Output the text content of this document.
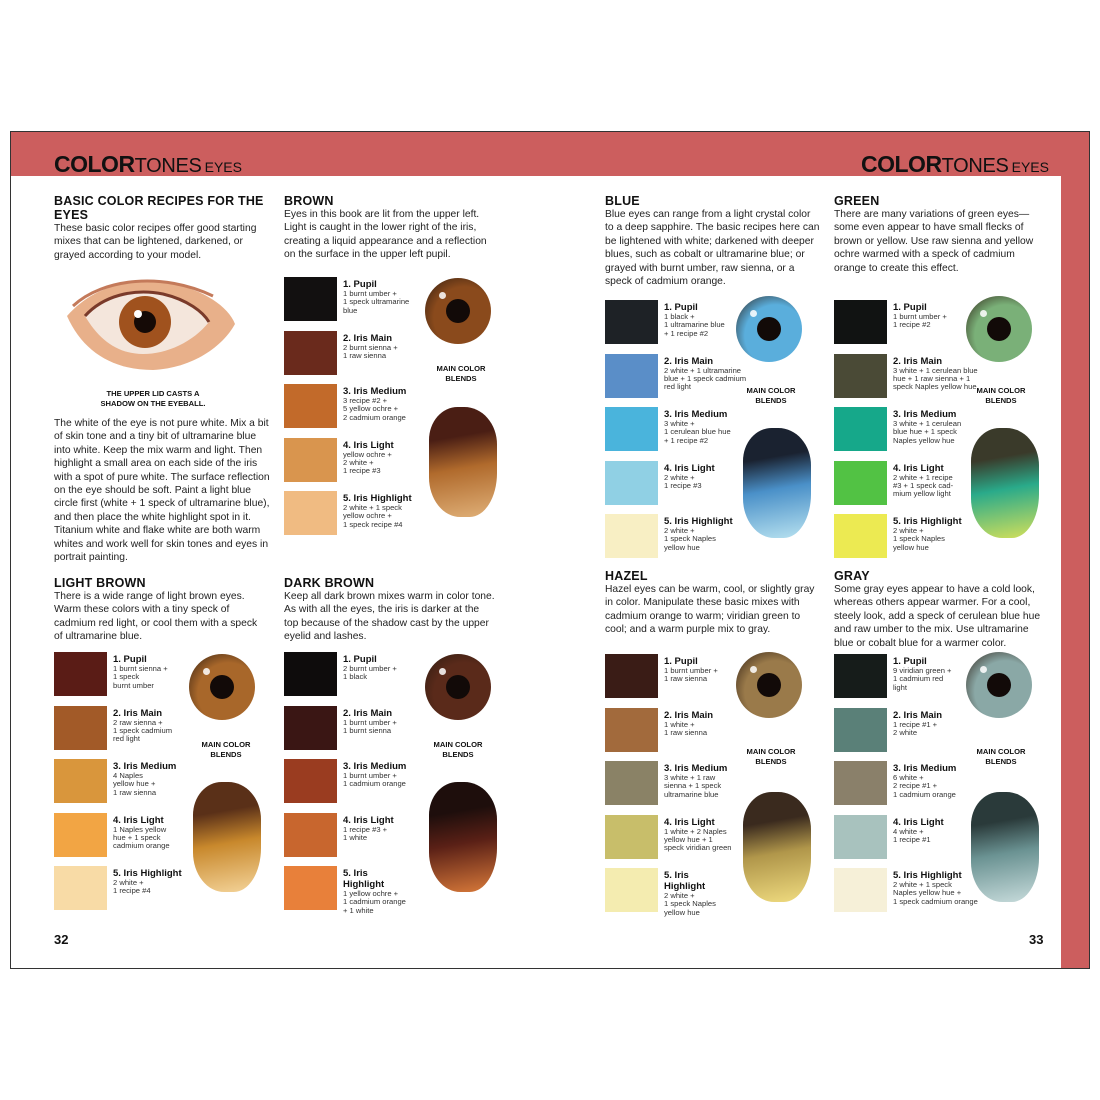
COLORTONES EYES	COLORTONES EYES
BASIC COLOR RECIPES FOR THE EYES

These basic color recipes offer good starting mixes that can be lightened, darkened, or grayed according to your model.

THE UPPER LID CASTS A SHADOW ON THE EYEBALL.

The white of the eye is not pure white. Mix a bit of skin tone and a tiny bit of ultramarine blue into white. Keep the mix warm and light. Then highlight a small area on each side of the iris with a spot of pure white. The surface reflection on the eye should be soft. Paint a light blue circle first (white + 1 speck of ultramarine blue), and then place the white highlight spot in it. Titanium white and flake white are both warm whites and work well for skin tones and eyes in portrait painting.

32	33
BROWN

Eyes in this book are lit from the upper left. Light is caught in the lower right of the iris, creating a liquid appearance and a reflection on the surface in the upper left pupil.

1. Pupil
1 burnt umber +
1 speck ultramarine
blue
2. Iris Main
2 burnt sienna +
1 raw sienna
3. Iris Medium
3 recipe #2 +
5 yellow ochre +
2 cadmium orange
4. Iris Light
yellow ochre +
2 white +
1 recipe #3
5. Iris Highlight
2 white + 1 speck
yellow ochre +
1 speck recipe #4
MAIN COLOR BLENDS
LIGHT BROWN

There is a wide range of light brown eyes. Warm these colors with a tiny speck of cadmium red light, or cool them with a speck of ultramarine blue.

1. Pupil
1 burnt sienna +
1 speck
burnt umber
2. Iris Main
2 raw sienna +
1 speck cadmium
red light
3. Iris Medium
4 Naples
yellow hue +
1 raw sienna
4. Iris Light
1 Naples yellow
hue + 1 speck
cadmium orange
5. Iris Highlight
2 white +
1 recipe #4
MAIN COLOR BLENDS
DARK BROWN

Keep all dark brown mixes warm in color tone. As with all the eyes, the iris is darker at the top because of the shadow cast by the upper eyelid and lashes.

1. Pupil
2 burnt umber +
1 black
2. Iris Main
1 burnt umber +
1 burnt sienna
3. Iris Medium
1 burnt umber +
1 cadmium orange
4. Iris Light
1 recipe #3 +
1 white
5. Iris
Highlight
1 yellow ochre +
1 cadmium orange
+ 1 white
MAIN COLOR BLENDS
BLUE

Blue eyes can range from a light crystal color to a deep sapphire. The basic recipes here can be lightened with white; darkened with deeper blues, such as cobalt or ultramarine blue; or grayed with burnt umber, raw sienna, or a speck of cadmium orange.

1. Pupil
1 black +
1 ultramarine blue
+ 1 recipe #2
2. Iris Main
2 white + 1 ultramarine
blue + 1 speck cadmium
red light
3. Iris Medium
3 white +
1 cerulean blue hue
+ 1 recipe #2
4. Iris Light
2 white +
1 recipe #3
5. Iris Highlight
2 white +
1 speck Naples
yellow hue
MAIN COLOR BLENDS
GREEN

There are many variations of green eyes—some even appear to have small flecks of brown or yellow. Use raw sienna and yellow ochre warmed with a speck of cadmium orange to create this effect.

1. Pupil
1 burnt umber +
1 recipe #2
2. Iris Main
3 white + 1 cerulean blue
hue + 1 raw sienna + 1
speck Naples yellow hue
3. Iris Medium
3 white + 1 cerulean
blue hue + 1 speck
Naples yellow hue
4. Iris Light
2 white + 1 recipe
#3 + 1 speck cad-
mium yellow light
5. Iris Highlight
2 white +
1 speck Naples
yellow hue
MAIN COLOR BLENDS
HAZEL

Hazel eyes can be warm, cool, or slightly gray in color. Manipulate these basic mixes with cadmium orange to warm; viridian green to cool; and a warm purple mix to gray.

1. Pupil
1 burnt umber +
1 raw sienna
2. Iris Main
1 white +
1 raw sienna
3. Iris Medium
3 white + 1 raw
sienna + 1 speck
ultramarine blue
4. Iris Light
1 white + 2 Naples
yellow hue + 1
speck viridian green
5. Iris
Highlight
2 white +
1 speck Naples
yellow hue
MAIN COLOR BLENDS
GRAY

Some gray eyes appear to have a cold look, whereas others appear warmer. For a cool, steely look, add a speck of cerulean blue hue and raw umber to the mix. Use ultramarine blue or cobalt blue for a warmer color.

1. Pupil
9 viridian green +
1 cadmium red
light
2. Iris Main
1 recipe #1 +
2 white
3. Iris Medium
6 white +
2 recipe #1 +
1 cadmium orange
4. Iris Light
4 white +
1 recipe #1
5. Iris Highlight
2 white + 1 speck
Naples yellow hue +
1 speck cadmium orange
MAIN COLOR BLENDS
